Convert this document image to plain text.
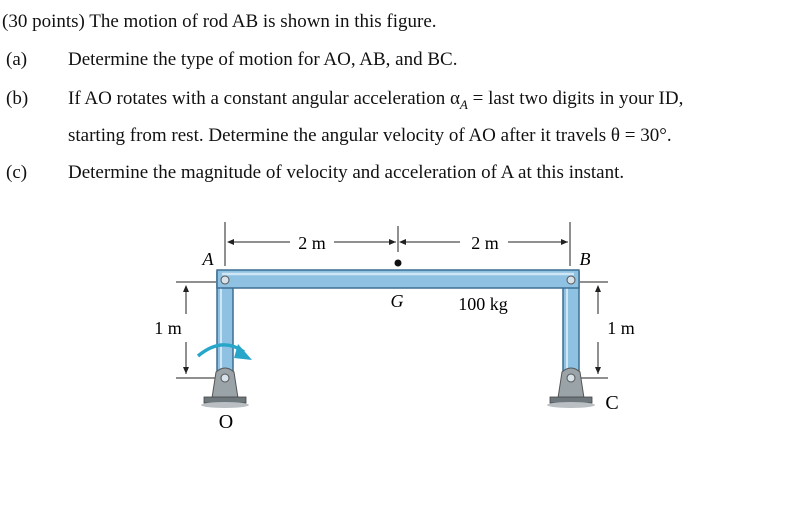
(30 points) The motion of rod AB is shown in this figure.
(a) Determine the type of motion for AO, AB, and BC.
(b) If AO rotates with a constant angular acceleration $\alpha_A$ = last two digits in your ID,
starting from rest. Determine the angular velocity of AO after it travels θ = 30°.
(c) Determine the magnitude of velocity and acceleration of A at this instant.
2 m	2 m
1 m	1 m
A	B
G	100 kg
O
C
